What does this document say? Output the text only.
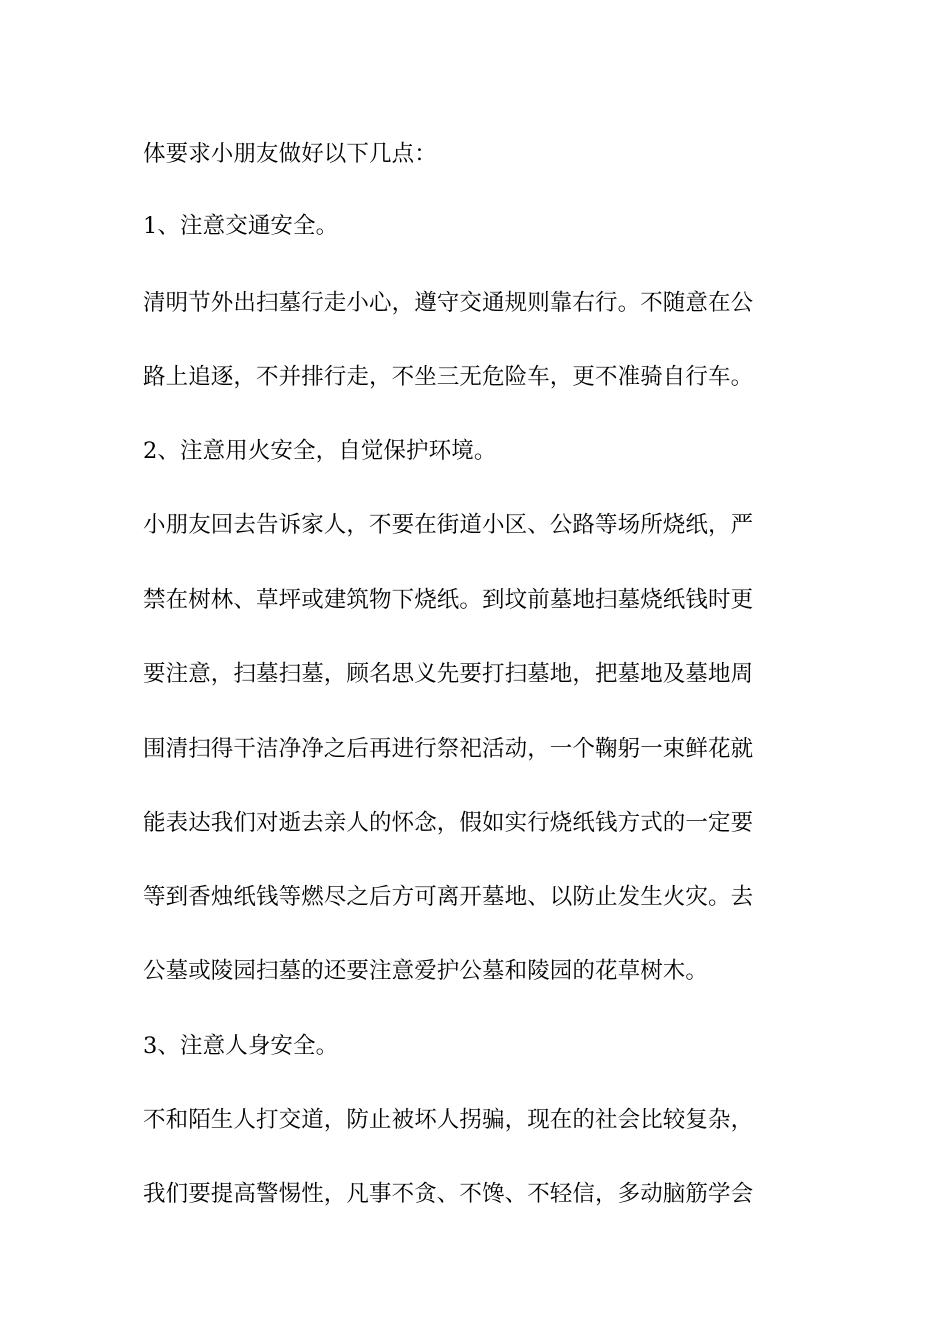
体要求小朋友做好以下几点：
1、注意交通安全。
清明节外出扫墓行走小心，遵守交通规则靠右行。不随意在公
路上追逐，不并排行走，不坐三无危险车，更不准骑自行车。
2、注意用火安全，自觉保护环境。
小朋友回去告诉家人，不要在街道小区、公路等场所烧纸，严
禁在树林、草坪或建筑物下烧纸。到坟前墓地扫墓烧纸钱时更
要注意，扫墓扫墓，顾名思义先要打扫墓地，把墓地及墓地周
围清扫得干洁净净之后再进行祭祀活动，一个鞠躬一束鲜花就
能表达我们对逝去亲人的怀念，假如实行烧纸钱方式的一定要
等到香烛纸钱等燃尽之后方可离开墓地、以防止发生火灾。去
公墓或陵园扫墓的还要注意爱护公墓和陵园的花草树木。
3、注意人身安全。
不和陌生人打交道，防止被坏人拐骗，现在的社会比较复杂，
我们要提高警惕性，凡事不贪、不馋、不轻信，多动脑筋学会
